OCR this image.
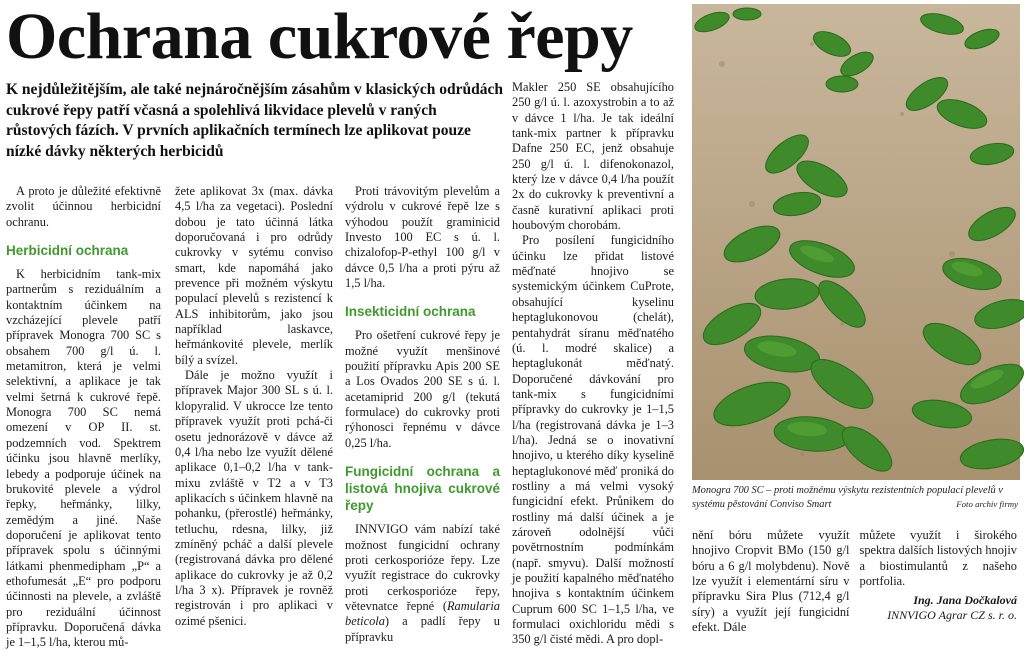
Ochrana cukrové řepy
K nejdůležitějším, ale také nejnáročnějším zásahům v klasických odrůdách cukrové řepy patří včasná a spolehlivá likvidace plevelů v raných růstových fázích. V prvních aplikačních termínech lze aplikovat pouze nízké dávky některých herbicidů

A proto je důležité efektivně zvolit účinnou herbicidní ochranu.

Herbicidní ochrana

K herbicidním tank-mix partnerům s reziduálním a kontaktním účinkem na vzcházející plevele patří přípravek Monogra 700 SC s obsahem 700 g/l ú. l. metamitron, která je velmi selektivní, a aplikace je tak velmi šetrná k cukrové řepě. Monogra 700 SC nemá omezení v OP II. st. podzemních vod. Spektrem účinku jsou hlavně merlíky, lebedy a podporuje účinek na brukovité plevele a výdrol řepky, heřmánky, lilky, zemědým a jiné. Naše doporučení je aplikovat tento přípravek spolu s účinnými látkami phenmedipham „P“ a ethofumesát „E“ pro podporu účinnosti na plevele, a zvláště pro reziduální účinnost přípravku. Doporučená dávka je 1–1,5 l/ha, kterou mů-

žete aplikovat 3x (max. dávka 4,5 l/ha za vegetaci). Poslední dobou je tato účinná látka doporučovaná i pro odrůdy cukrovky v sytému conviso smart, kde napomáhá jako prevence při možném výskytu populací plevelů s rezistencí k ALS inhibitorům, jako jsou například laskavce, heřmánkovité plevele, merlík bílý a svízel.

Dále je možno využít i přípravek Major 300 SL s ú. l. klopyralid. V ukrocce lze tento přípravek využít proti pchá-či osetu jednorázově v dávce až 0,4 l/ha nebo lze využít dělené aplikace 0,1–0,2 l/ha v tank-mixu zvláště v T2 a v T3 aplikacích s účinkem hlavně na pohanku, (přerostlé) heřmánky, tetluchu, rdesna, lilky, již zmíněný pcháč a další plevele (registrovaná dávka pro dělené aplikace do cukrovky je až 0,2 l/ha 3 x). Přípravek je rovněž registrován i pro aplikaci v ozimé pšenici.

Proti trávovitým plevelům a výdrolu v cukrové řepě lze s výhodou použít graminicid Investo 100 EC s ú. l. chizalofop-P-ethyl 100 g/l v dávce 0,5 l/ha a proti pýru až 1,5 l/ha.

Insekticidní ochrana

Pro ošetření cukrové řepy je možné využít menšinové použití přípravku Apis 200 SE a Los Ovados 200 SE s ú. l. acetamiprid 200 g/l (tekutá formulace) do cukrovky proti rýhonosci řepnému v dávce 0,25 l/ha.

Fungicidní ochrana a listová hnojiva cukrové řepy

INNVIGO vám nabízí také možnost fungicidní ochrany proti cerkosporióze řepy. Lze využít registrace do cukrovky proti cerkosporióze řepy, větevnatce řepné (Ramularia beticola) a padlí řepy u přípravku

Makler 250 SE obsahujícího 250 g/l ú. l. azoxystrobin a to až v dávce 1 l/ha. Je tak ideální tank-mix partner k přípravku Dafne 250 EC, jenž obsahuje 250 g/l ú. l. difenokonazol, který lze v dávce 0,4 l/ha použít 2x do cukrovky k preventivní a časně kurativní aplikaci proti houbovým chorobám.

Pro posílení fungicidního účinku lze přidat listové měďnaté hnojivo se systemickým účinkem CuProte, obsahující kyselinu heptaglukonovou (chelát), pentahydrát síranu měďnatého (ú. l. modré skalice) a heptaglukonát měďnatý. Doporučené dávkování pro tank-mix s fungicidními přípravky do cukrovky je 1–1,5 l/ha (registrovaná dávka je 1–3 l/ha). Jedná se o inovativní hnojivo, u kterého díky kyselině heptaglukonové měď proniká do rostliny a má velmi vysoký fungicidní efekt. Průnikem do rostliny má další účinek a je zároveň odolnější vůči povětrnostním podmínkám (např. smyvu). Další možností je použití kapalného měďnatého hnojiva s kontaktním účinkem Cuprum 600 SC 1–1,5 l/ha, ve formulaci oxichloridu mědi s 350 g/l čisté mědi. A pro dopl-

Monogra 700 SC – proti možnému výskytu rezistentních populací plevelů v systému pěstování Conviso Smart	Foto archiv firmy
nění bóru můžete využít hnojivo Cropvit BMo (150 g/l bóru a 6 g/l molybdenu). Nově lze využít i elementární síru v přípravku Sira Plus (712,4 g/l síry) a využít její fungicidní efekt. Dále
můžete využít i širokého spektra dalších listových hnojiv a biostimulantů z našeho portfolia.
Ing. Jana Dočkalová
INNVIGO Agrar CZ s. r. o.
